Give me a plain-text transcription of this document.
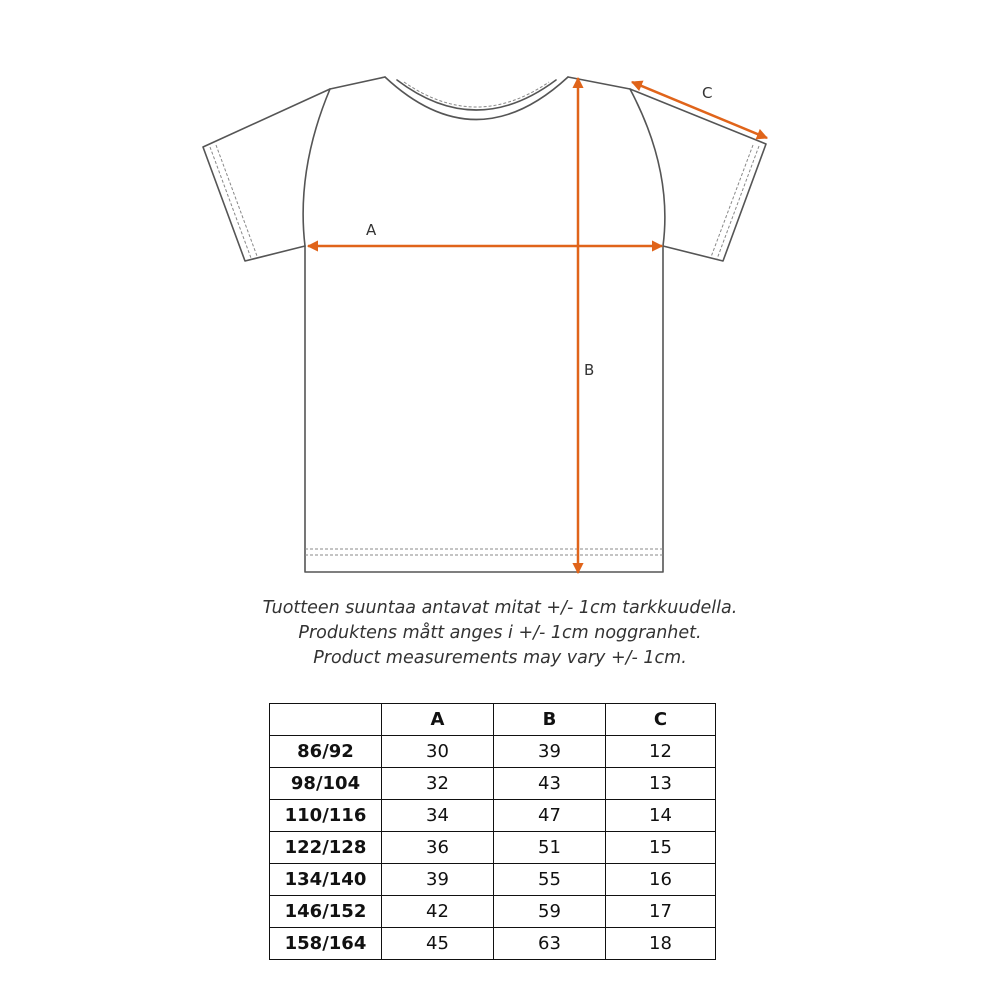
A
B
C
Tuotteen suuntaa antavat mitat +/- 1cm tarkkuudella.
Produktens mått anges i +/- 1cm noggranhet.
Product measurements may vary +/- 1cm.
	A	B	C
86/92	30	39	12
98/104	32	43	13
110/116	34	47	14
122/128	36	51	15
134/140	39	55	16
146/152	42	59	17
158/164	45	63	18
